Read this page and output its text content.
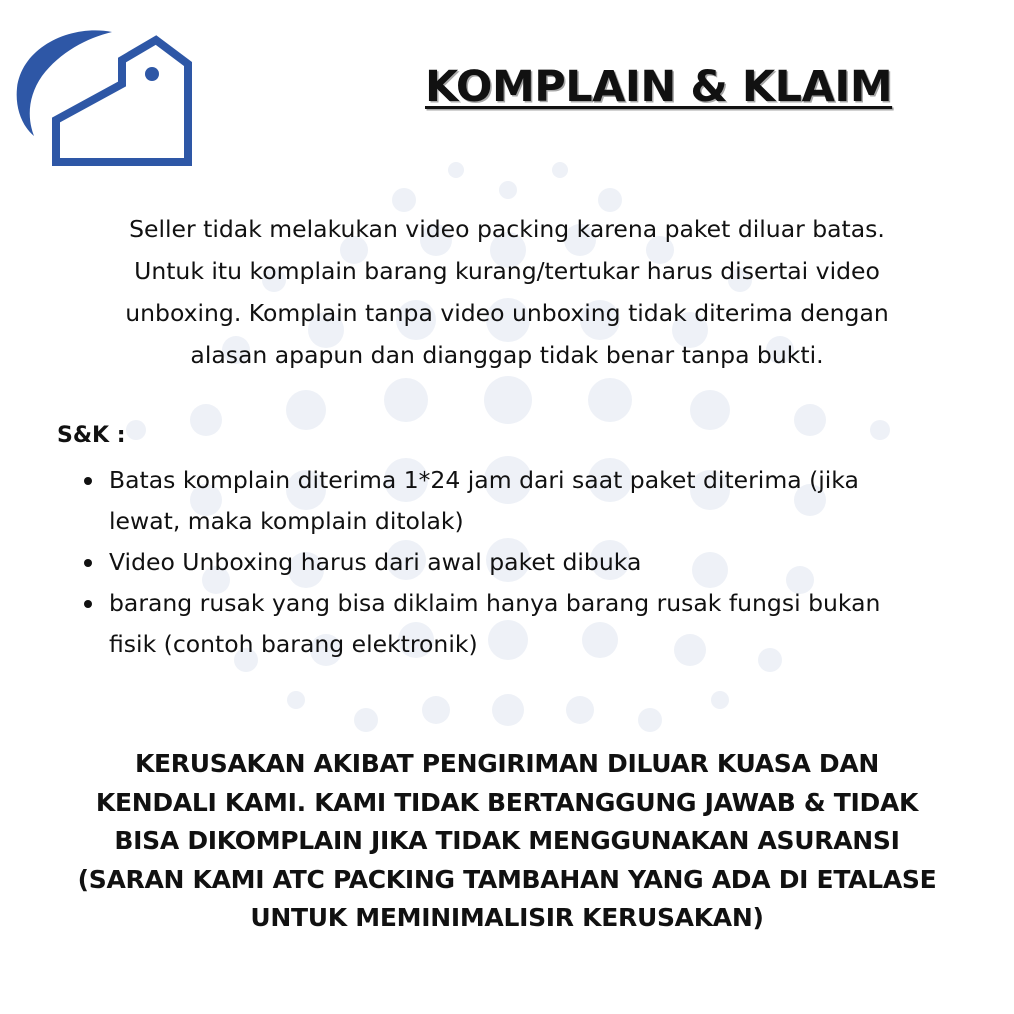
KOMPLAIN & KLAIM

Seller tidak melakukan video packing karena paket diluar batas.
Untuk itu komplain barang kurang/tertukar harus disertai video
unboxing. Komplain tanpa video unboxing tidak diterima dengan
alasan apapun dan dianggap tidak benar tanpa bukti.

S&K :
Batas komplain diterima 1*24 jam dari saat paket diterima (jika
lewat, maka komplain ditolak)
Video Unboxing harus dari awal paket dibuka
barang rusak yang bisa diklaim hanya barang rusak fungsi bukan
fisik (contoh barang elektronik)

KERUSAKAN AKIBAT PENGIRIMAN DILUAR KUASA DAN
KENDALI KAMI. KAMI TIDAK BERTANGGUNG JAWAB & TIDAK
BISA DIKOMPLAIN JIKA TIDAK MENGGUNAKAN ASURANSI
(SARAN KAMI ATC PACKING TAMBAHAN YANG ADA DI ETALASE
UNTUK MEMINIMALISIR KERUSAKAN)
